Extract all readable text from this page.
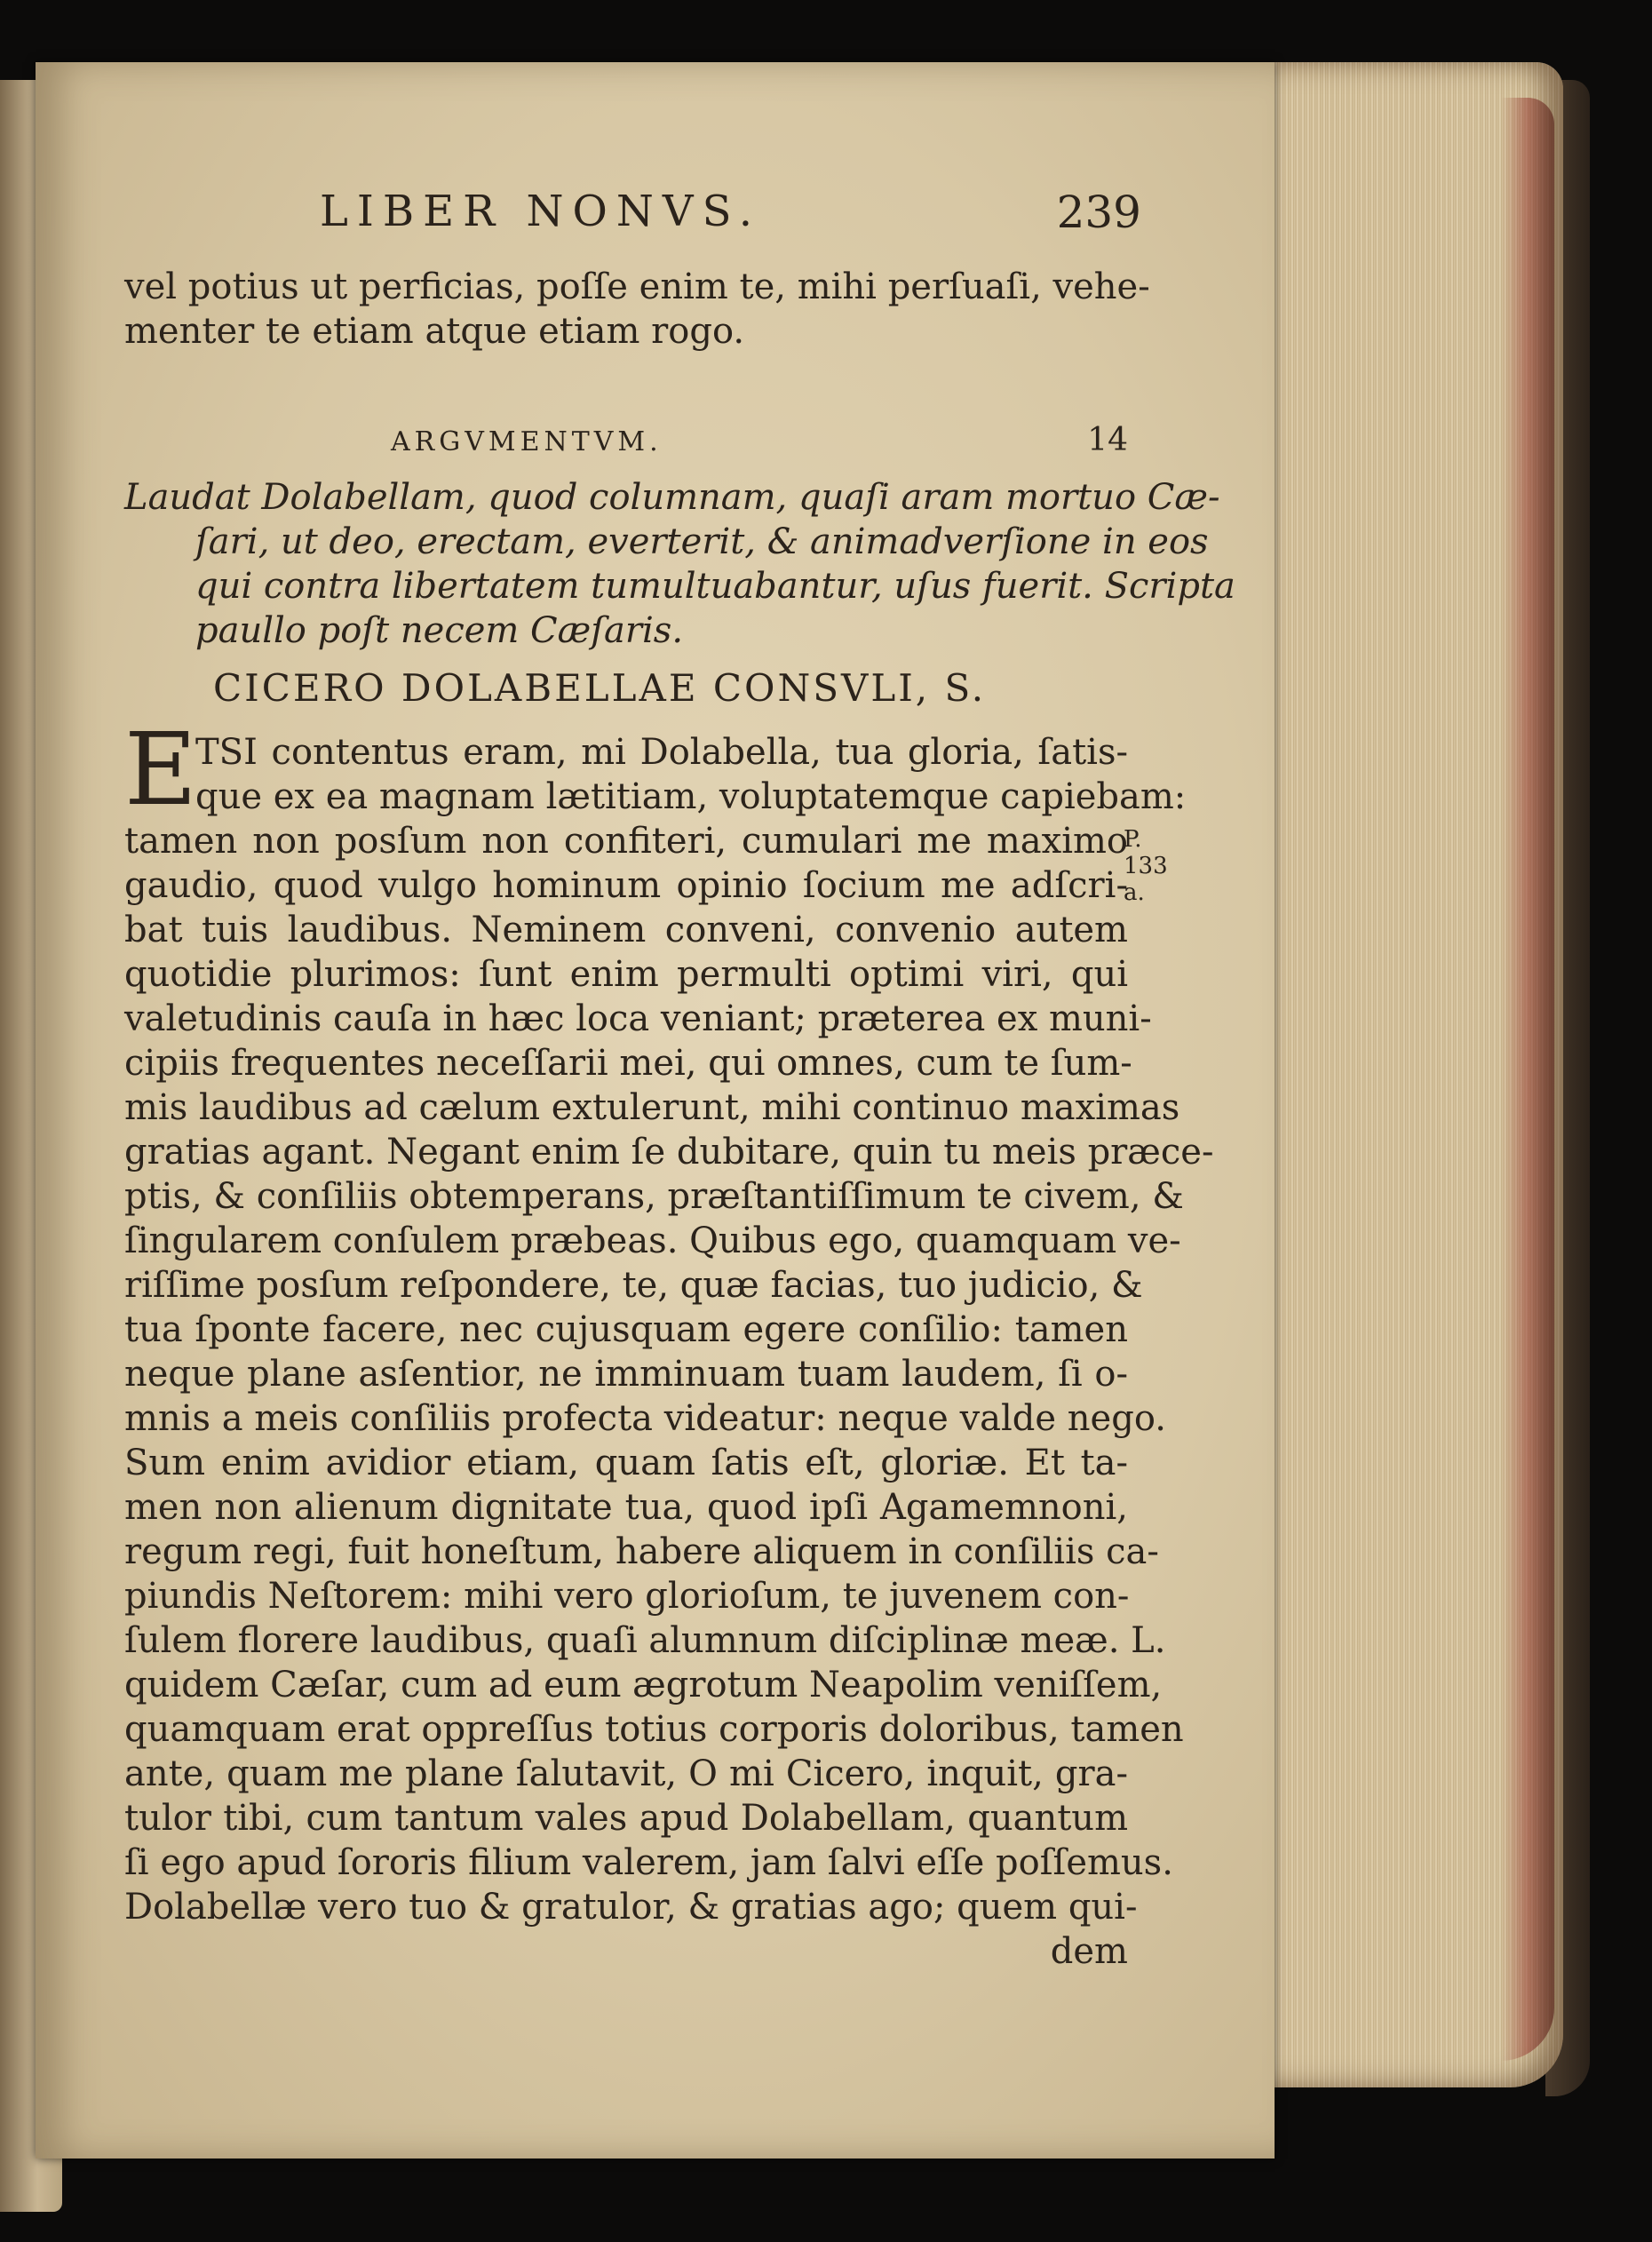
LIBER NONVS.	239
vel potius ut perficias, poſſe enim te, mihi perſuaſi, vehe-
menter te etiam atque etiam rogo.
ARGVMENTVM.	14
Laudat Dolabellam, quod columnam, quaſi aram mortuo Cæ-
ſari, ut deo, erectam, everterit, & animadverſione in eos
qui contra libertatem tumultuabantur, uſus fuerit. Scripta
paullo poſt necem Cæſaris.
CICERO DOLABELLAE CONSVLI, S.
E
TSI contentus eram, mi Dolabella, tua gloria, ſatis-
que ex ea magnam lætitiam, voluptatemque capiebam:
tamen non posſum non confiteri, cumulari me maximo
gaudio, quod vulgo hominum opinio ſocium me adſcri-
bat tuis laudibus. Neminem conveni, convenio autem
quotidie plurimos: ſunt enim permulti optimi viri, qui
valetudinis cauſa in hæc loca veniant; præterea ex muni-
cipiis frequentes neceſſarii mei, qui omnes, cum te ſum-
mis laudibus ad cælum extulerunt, mihi continuo maximas
gratias agant. Negant enim ſe dubitare, quin tu meis præce-
ptis, & conſiliis obtemperans, præſtantiſſimum te civem, &
ſingularem conſulem præbeas. Quibus ego, quamquam ve-
riſſime posſum reſpondere, te, quæ facias, tuo judicio, &
tua ſponte facere, nec cujusquam egere conſilio: tamen
neque plane asſentior, ne imminuam tuam laudem, ſi o-
mnis a meis conſiliis profecta videatur: neque valde nego.
Sum enim avidior etiam, quam ſatis eſt, gloriæ. Et ta-
men non alienum dignitate tua, quod ipſi Agamemnoni,
regum regi, fuit honeſtum, habere aliquem in conſiliis ca-
piundis Neſtorem: mihi vero glorioſum, te juvenem con-
ſulem florere laudibus, quaſi alumnum diſciplinæ meæ. L.
quidem Cæſar, cum ad eum ægrotum Neapolim veniſſem,
quamquam erat oppreſſus totius corporis doloribus, tamen
ante, quam me plane ſalutavit, O mi Cicero, inquit, gra-
tulor tibi, cum tantum vales apud Dolabellam, quantum
ſi ego apud ſororis filium valerem, jam ſalvi eſſe poſſemus.
Dolabellæ vero tuo & gratulor, & gratias ago; quem qui-
dem
P.
133
a.
